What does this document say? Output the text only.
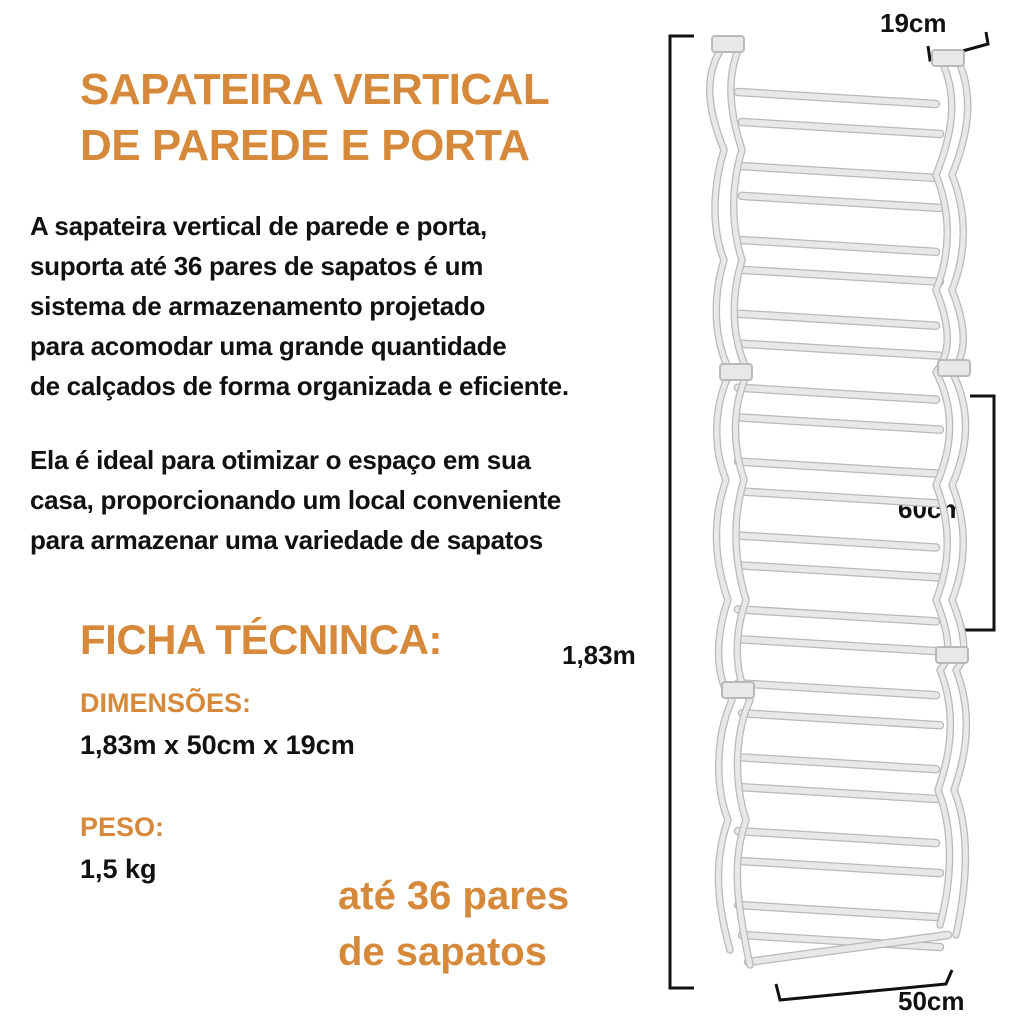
SAPATEIRA VERTICAL
DE PAREDE E PORTA
A sapateira vertical de parede e porta,
suporta até 36 pares de sapatos é um
sistema de armazenamento projetado
para acomodar uma grande quantidade
de calçados de forma organizada e eficiente.
Ela é ideal para otimizar o espaço em sua
casa, proporcionando um local conveniente
para armazenar uma variedade de sapatos
FICHA TÉCNINCA:
DIMENSÕES:
1,83m x 50cm x 19cm
PESO:
1,5 kg
até 36 pares
de sapatos
19cm
60cm
1,83m
50cm
